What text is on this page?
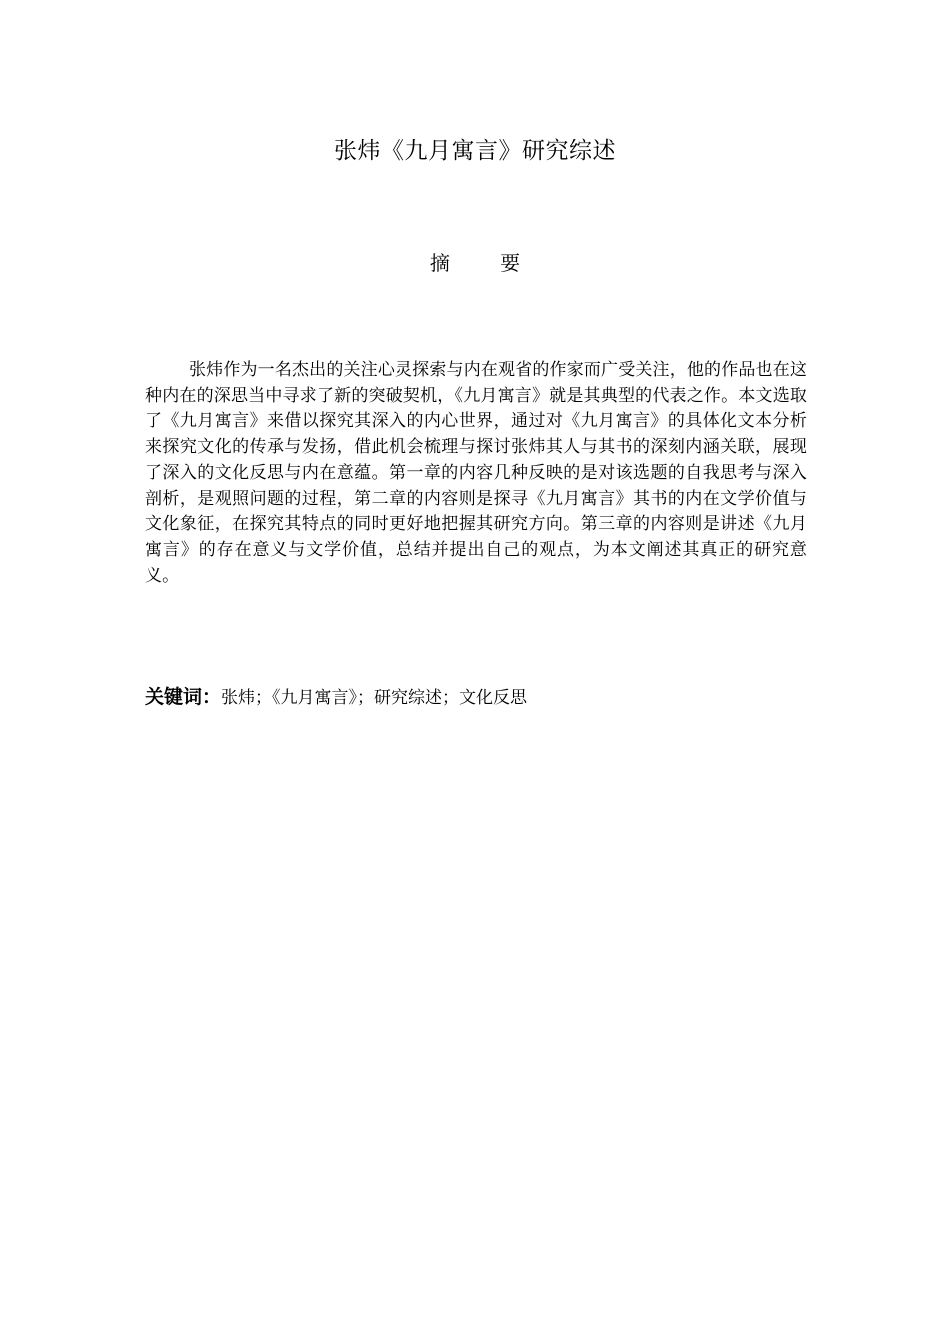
张炜《九月寓言》研究综述
摘 要

张炜作为一名杰出的关注心灵探索与内在观省的作家而广受关注，他的作品也在这种内在的深思当中寻求了新的突破契机，《九月寓言》就是其典型的代表之作。本文选取了《九月寓言》来借以探究其深入的内心世界，通过对《九月寓言》的具体化文本分析来探究文化的传承与发扬，借此机会梳理与探讨张炜其人与其书的深刻内涵关联，展现了深入的文化反思与内在意蕴。第一章的内容几种反映的是对该选题的自我思考与深入剖析，是观照问题的过程，第二章的内容则是探寻《九月寓言》其书的内在文学价值与文化象征，在探究其特点的同时更好地把握其研究方向。第三章的内容则是讲述《九月寓言》的存在意义与文学价值，总结并提出自己的观点，为本文阐述其真正的研究意义。

关键词：张炜；《九月寓言》；研究综述；文化反思
